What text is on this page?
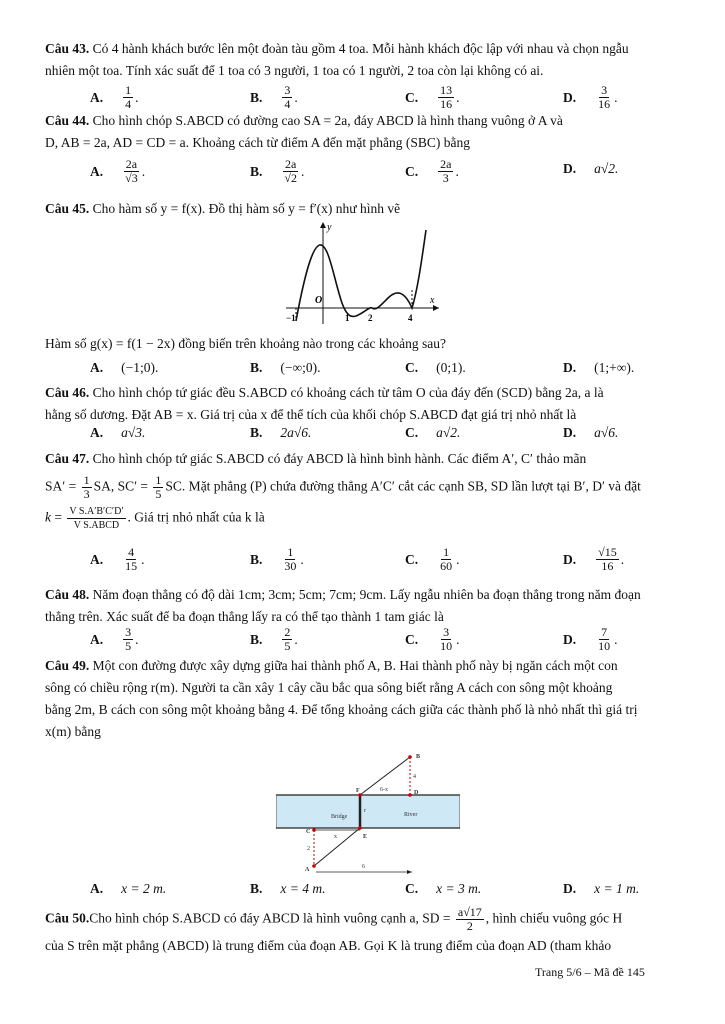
Câu 43. Có 4 hành khách bước lên một đoàn tàu gồm 4 toa. Mỗi hành khách độc lập với nhau và chọn ngẫu
nhiên một toa. Tính xác suất để 1 toa có 3 người, 1 toa có 1 người, 2 toa còn lại không có ai.
A. $\frac{1}{4}$ .	B. $\frac{3}{4}$ .	C. $\frac{13}{16}$ .	D. $\frac{3}{16}$ .
Câu 44. Cho hình chóp S.ABCD có đường cao SA = 2a, đáy ABCD là hình thang vuông ở A và
D, AB = 2a, AD = CD = a. Khoảng cách từ điểm A đến mặt phẳng (SBC) bằng
A. $\frac{2a}{√3}$ .	B. $\frac{2a}{√2}$ .	C. $\frac{2a}{3}$ .	D. a√2.
Câu 45. Cho hàm số y = f(x). Đồ thị hàm số y = f′(x) như hình vẽ
y
x
O
−1	1 2	4
Hàm số g(x) = f(1 − 2x) đồng biến trên khoảng nào trong các khoảng sau?
A. (−1;0).	B. (−∞;0).	C. (0;1).	D. (1;+∞).
Câu 46. Cho hình chóp tứ giác đều S.ABCD có khoảng cách từ tâm O của đáy đến (SCD) bằng 2a, a là
hằng số dương. Đặt AB = x. Giá trị của x để thể tích của khối chóp S.ABCD đạt giá trị nhỏ nhất là
A. a√3.	B. 2a√6.	C. a√2.	D. a√6.
Câu 47. Cho hình chóp tứ giác S.ABCD có đáy ABCD là hình bình hành. Các điểm A′, C′ thảo mãn
$SA' = \frac{1}{3}$ SA, $SC' = \frac{1}{5}$ SC. Mặt phẳng (P) chứa đường thẳng A′C′ cắt các cạnh SB, SD lần lượt tại B′, D′ và đặt
$k = \frac{\text{V S.A′B′C′D′}}{\text{V S.ABCD}}$ . Giá trị nhỏ nhất của k là
A. $\frac{4}{15}$ .	B. $\frac{1}{30}$ .	C. $\frac{1}{60}$ .	D. $\frac{√15}{16}$ .
Câu 48. Năm đoạn thẳng có độ dài 1cm; 3cm; 5cm; 7cm; 9cm. Lấy ngẫu nhiên ba đoạn thẳng trong năm đoạn
thẳng trên. Xác suất để ba đoạn thẳng lấy ra có thể tạo thành 1 tam giác là
A. $\frac{3}{5}$ .	B. $\frac{2}{5}$ .	C. $\frac{3}{10}$ .	D. $\frac{7}{10}$ .
Câu 49. Một con đường được xây dựng giữa hai thành phố A, B. Hai thành phố này bị ngăn cách một con
sông có chiều rộng r(m). Người ta cần xây 1 cây cầu bắc qua sông biết rằng A cách con sông một khoảng
bằng 2m, B cách con sông một khoảng bằng 4. Để tổng khoảng cách giữa các thành phố là nhỏ nhất thì giá trị
x(m) bằng
B
A
C
D
E
F
r
x
6-x
4
2
6
Bridge	River
A. x = 2 m.	B. x = 4 m.	C. x = 3 m.	D. x = 1 m.
Câu 50.Cho hình chóp S.ABCD có đáy ABCD là hình vuông cạnh a, SD = $\frac{a√17}{2}$ , hình chiếu vuông góc H
của S trên mặt phẳng (ABCD) là trung điểm của đoạn AB. Gọi K là trung điểm của đoạn AD (tham khảo
Trang 5/6 – Mã đề 145
